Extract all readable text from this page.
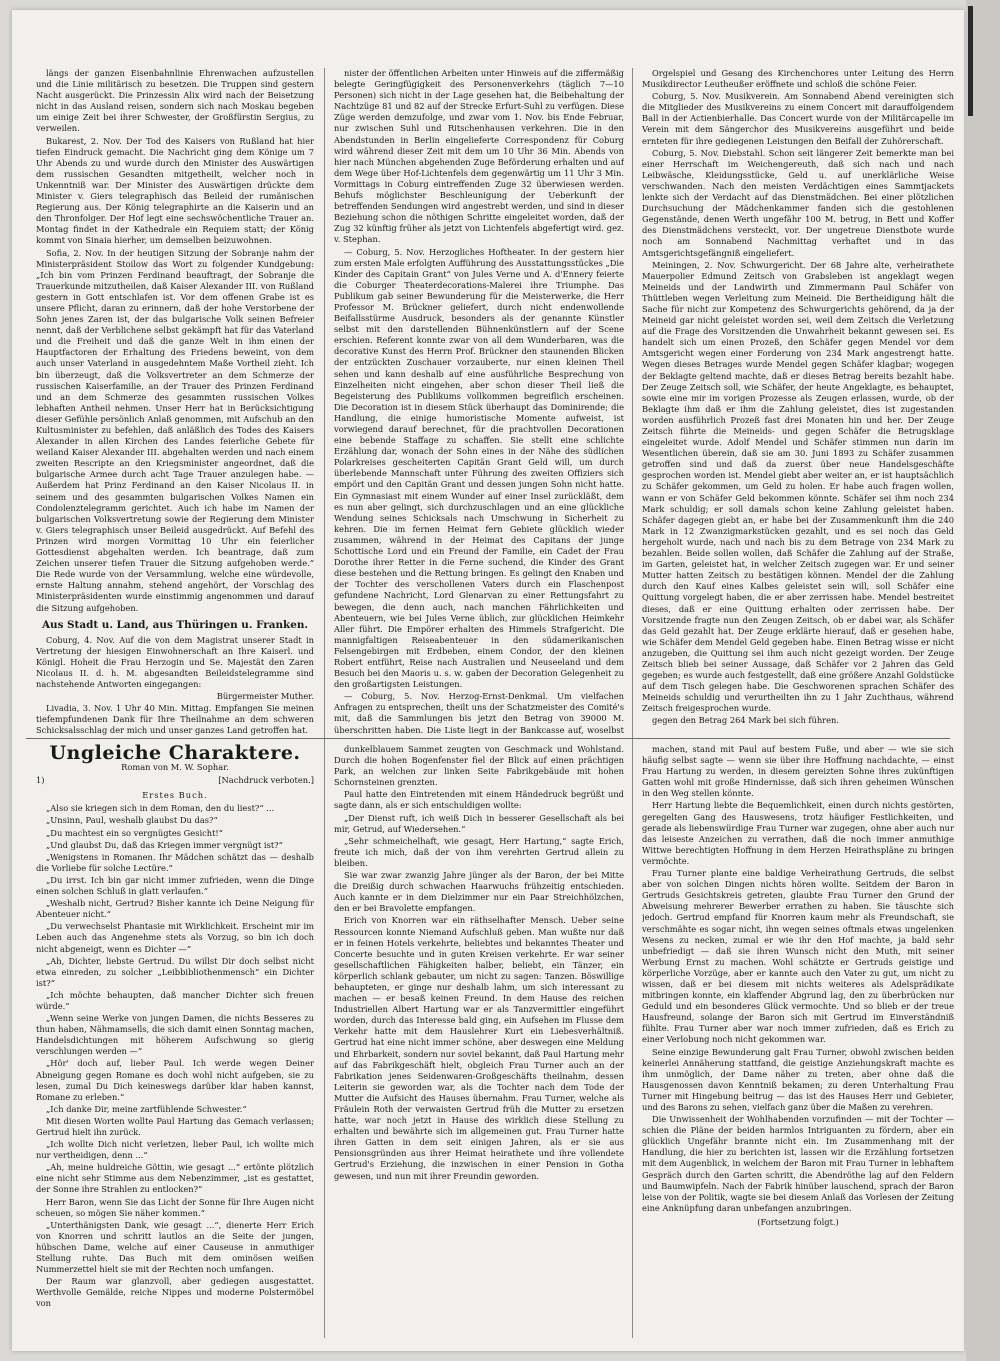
längs der ganzen Eisenbahnlinie Ehrenwachen aufzustellen und die Linie militärisch zu besetzen. Die Truppen sind gestern Nacht ausgerückt. Die Prinzessin Alix wird nach der Beisetzung nicht in das Ausland reisen, sondern sich nach Moskau begeben um einige Zeit bei ihrer Schwester, der Großfürstin Sergius, zu verweilen.

Bukarest, 2. Nov. Der Tod des Kaisers von Rußland hat hier tiefen Eindruck gemacht. Die Nachricht ging dem Könige um 7 Uhr Abends zu und wurde durch den Minister des Auswärtigen dem russischen Gesandten mitgetheilt, welcher noch in Unkenntniß war. Der Minister des Auswärtigen drückte dem Minister v. Giers telegraphisch das Beileid der rumänischen Regierung aus. Der König telegraphirte an die Kaiserin und an den Thronfolger. Der Hof legt eine sechswöchentliche Trauer an. Montag findet in der Kathedrale ein Requiem statt; der König kommt von Sinaia hierher, um demselben beizuwohnen.

Sofia, 2. Nov. In der heutigen Sitzung der Sobranje nahm der Ministerpräsident Stoilow das Wort zu folgender Kundgebung: „Ich bin vom Prinzen Ferdinand beauftragt, der Sobranje die Trauerkunde mitzutheilen, daß Kaiser Alexander III. von Rußland gestern in Gott entschlafen ist. Vor dem offenen Grabe ist es unsere Pflicht, daran zu erinnern, daß der hohe Verstorbene der Sohn jenes Zaren ist, der das bulgarische Volk seinen Befreier nennt, daß der Verblichene selbst gekämpft hat für das Vaterland und die Freiheit und daß die ganze Welt in ihm einen der Hauptfactoren der Erhaltung des Friedens beweint, von dem auch unser Vaterland in ausgedehntem Maße Vortheil zieht. Ich bin überzeugt, daß die Volksvertreter an dem Schmerze der russischen Kaiserfamilie, an der Trauer des Prinzen Ferdinand und an dem Schmerze des gesammten russischen Volkes lebhaften Antheil nehmen. Unser Herr hat in Berücksichtigung dieser Gefühle persönlich Anlaß genommen, mit Aufschub an den Kultusminister zu befehlen, daß anläßlich des Todes des Kaisers Alexander in allen Kirchen des Landes feierliche Gebete für weiland Kaiser Alexander III. abgehalten werden und nach einem zweiten Rescripte an den Kriegsminister angeordnet, daß die bulgarische Armee durch acht Tage Trauer anzulegen habe. — Außerdem hat Prinz Ferdinand an den Kaiser Nicolaus II. in seinem und des gesammten bulgarischen Volkes Namen ein Condolenztelegramm gerichtet. Auch ich habe im Namen der bulgarischen Volksvertretung sowie der Regierung dem Minister v. Giers telegraphisch unser Beileid ausgedrückt. Auf Befehl des Prinzen wird morgen Vormittag 10 Uhr ein feierlicher Gottesdienst abgehalten werden. Ich beantrage, daß zum Zeichen unserer tiefen Trauer die Sitzung aufgehoben werde.“ Die Rede wurde von der Versammlung, welche eine würdevolle, ernste Haltung annahm, stehend angehört, der Vorschlag des Ministerpräsidenten wurde einstimmig angenommen und darauf die Sitzung aufgehoben.

Aus Stadt u. Land, aus Thüringen u. Franken.

Coburg, 4. Nov. Auf die von dem Magistrat unserer Stadt in Vertretung der hiesigen Einwohnerschaft an Ihre Kaiserl. und Königl. Hoheit die Frau Herzogin und Se. Majestät den Zaren Nicolaus II. d. h. M. abgesandten Beileidstelegramme sind nachstehende Antworten eingegangen:

Bürgermeister Muther.

Livadia, 3. Nov. 1 Uhr 40 Min. Mittag. Empfangen Sie meinen tiefempfundenen Dank für Ihre Theilnahme an dem schweren Schicksalsschlag der mich und unser ganzes Land getroffen hat.

nister der öffentlichen Arbeiten unter Hinweis auf die ziffermäßig belegte Geringfügigkeit des Personenverkehrs (täglich 7—10 Personen) sich nicht in der Lage gesehen hat, die Beibehaltung der Nachtzüge 81 und 82 auf der Strecke Erfurt-Suhl zu verfügen. Diese Züge werden demzufolge, und zwar vom 1. Nov. bis Ende Februar, nur zwischen Suhl und Ritschenhausen verkehren. Die in den Abendstunden in Berlin eingelieferte Correspondenz für Coburg wird während dieser Zeit mit dem um 10 Uhr 36 Min. Abends von hier nach München abgehenden Zuge Beförderung erhalten und auf dem Wege über Hof-Lichtenfels dem gegenwärtig um 11 Uhr 3 Min. Vormittags in Coburg eintreffenden Zuge 32 überwiesen werden. Behufs möglichster Beschleunigung der Ueberkunft der betreffenden Sendungen wird angestrebt werden, und sind in dieser Beziehung schon die nöthigen Schritte eingeleitet worden, daß der Zug 32 künftig früher als jetzt von Lichtenfels abgefertigt wird. gez. v. Stephan.

— Coburg, 5. Nov. Herzogliches Hoftheater. In der gestern hier zum ersten Male erfolgten Aufführung des Ausstattungsstückes „Die Kinder des Capitain Grant“ von Jules Verne und A. d'Ennery feierte die Coburger Theaterdecorations-Malerei ihre Triumphe. Das Publikum gab seiner Bewunderung für die Meisterwerke, die Herr Professor M. Brückner geliefert, durch nicht endenwollende Beifallsstürme Ausdruck, besonders als der genannte Künstler selbst mit den darstellenden Bühnenkünstlern auf der Scene erschien. Referent konnte zwar von all dem Wunderbaren, was die decorative Kunst des Herrn Prof. Brückner den staunenden Blicken der entzückten Zuschauer vorzauberte, nur einen kleinen Theil sehen und kann deshalb auf eine ausführliche Besprechung von Einzelheiten nicht eingehen, aber schon dieser Theil ließ die Begeisterung des Publikums vollkommen begreiflich erscheinen. Die Decoration ist in diesem Stück überhaupt das Dominirende; die Handlung, die einige humoristische Momente aufweist, ist vorwiegend darauf berechnet, für die prachtvollen Decorationen eine bebende Staffage zu schaffen. Sie stellt eine schlichte Erzählung dar, wonach der Sohn eines in der Nähe des südlichen Polarkreises gescheiterten Capitän Grant Geld will, um durch überlebende Mannschaft unter Führung des zweiten Offiziers sich empört und den Capitän Grant und dessen jungen Sohn nicht hatte. Ein Gymnasiast mit einem Wunder auf einer Insel zurückläßt, dem es nun aber gelingt, sich durchzuschlagen und an eine glückliche Wendung seines Schicksals nach Umschwung in Sicherheit zu kehren. Die im fernen Heimat fern Gebiete glücklich wieder zusammen, während in der Heimat des Capitans der junge Schottische Lord und ein Freund der Familie, ein Cadet der Frau Dorothe ihrer Retter in die Ferne suchend, die Kinder des Grant diese bestehen und die Rettung bringen. Es gelingt den Knaben und der Tochter des verschollenen Vaters durch ein Flaschenpost gefundene Nachricht, Lord Glenarvan zu einer Rettungsfahrt zu bewegen, die denn auch, nach manchen Fährlichkeiten und Abenteuern, wie bei Jules Verne üblich, zur glücklichen Heimkehr Aller führt. Die Empörer erhalten des Himmels Strafgericht. Die mannigfaltigen Reiseabenteuer in den südamerikanischen Felsengebirgen mit Erdbeben, einem Condor, der den kleinen Robert entführt, Reise nach Australien und Neuseeland und dem Besuch bei den Maoris u. s. w. gaben der Decoration Gelegenheit zu den großartigsten Leistungen.

— Coburg, 5. Nov. Herzog-Ernst-Denkmal. Um vielfachen Anfragen zu entsprechen, theilt uns der Schatzmeister des Comité's mit, daß die Sammlungen bis jetzt den Betrag von 39000 M. überschritten haben. Die Liste liegt in der Bankcasse auf, woselbst

Orgelspiel und Gesang des Kirchenchores unter Leitung des Herrn Musikdirector Leutheußer eröffnete und schloß die schöne Feier.

Coburg, 5. Nov. Musikverein. Am Sonnabend Abend vereinigten sich die Mitglieder des Musikvereins zu einem Concert mit darauffolgendem Ball in der Actienbierhalle. Das Concert wurde von der Militärcapelle im Verein mit dem Sängerchor des Musikvereins ausgeführt und beide ernteten für ihre gediegenen Leistungen den Beifall der Zuhörerschaft.

Coburg, 5. Nov. Diebstahl. Schon seit längerer Zeit bemerkte man bei einer Herrschaft im Weichengereuth, daß sich nach und nach Leibwäsche, Kleidungsstücke, Geld u. auf unerklärliche Weise verschwanden. Nach den meisten Verdächtigen eines Sammtjackets lenkte sich der Verdacht auf das Dienstmädchen. Bei einer plötzlichen Durchsuchung der Mädchenkammer fanden sich die gestohlenen Gegenstände, denen Werth ungefähr 100 M. betrug, in Bett und Koffer des Dienstmädchens versteckt, vor. Der ungetreue Dienstbote wurde noch am Sonnabend Nachmittag verhaftet und in das Amtsgerichtsgefängniß eingeliefert.

Meiningen, 2. Nov. Schwurgericht. Der 68 Jahre alte, verheirathete Mauerpolier Edmund Zeitsch von Grabsleben ist angeklagt wegen Meineids und der Landwirth und Zimmermann Paul Schäfer von Thüttleben wegen Verleitung zum Meineid. Die Bertheidigung hält die Sache für nicht zur Kompetenz des Schwurgerichts gehörend, da ja der Meineid gar nicht geleistet worden sei, weil dem Zeitsch die Verletzung auf die Frage des Vorsitzenden die Unwahrheit bekannt gewesen sei. Es handelt sich um einen Prozeß, den Schäfer gegen Mendel vor dem Amtsgericht wegen einer Forderung von 234 Mark angestrengt hatte. Wegen dieses Betrages wurde Mendel gegen Schäfer klagbar; wogegen der Beklagte geltend machte, daß er dieses Betrag bereits bezahlt habe. Der Zeuge Zeitsch soll, wie Schäfer, der heute Angeklagte, es behauptet, sowie eine mir im vorigen Prozesse als Zeugen erlassen, wurde, ob der Beklagte ihm daß er ihm die Zahlung geleistet, dies ist zugestanden worden ausführlich Prozeß fast drei Monaten hin und her. Der Zeuge Zeitsch führte die Meineids- und gegen Schäfer die Betrugsklage eingeleitet wurde. Adolf Mendel und Schäfer stimmen nun darin im Wesentlichen überein, daß sie am 30. Juni 1893 zu Schäfer zusammen getroffen sind und daß da zuerst über neue Handelsgeschäfte gesprochen worden ist. Mendel giebt aber weiter an, er ist hauptsächlich zu Schäfer gekommen, um Geld zu holen. Er habe auch fragen wollen, wann er von Schäfer Geld bekommen könnte. Schäfer sei ihm noch 234 Mark schuldig; er soll damals schon keine Zahlung geleistet haben. Schäfer dagegen giebt an, er habe bei der Zusammenkunft ihm die 240 Mark in 12 Zwanzigmarkstücken gezahlt, und es sei noch das Geld hergeholt wurde, nach und nach bis zu dem Betrage von 234 Mark zu bezahlen. Beide sollen wollen, daß Schäfer die Zahlung auf der Straße, im Garten, geleistet hat, in welcher Zeitsch zugegen war. Er und seiner Mutter hatten Zeitsch zu bestätigen können. Mendel der die Zahlung durch den Kauf eines Kalbes geleistet sein will, soll Schäfer eine Quittung vorgelegt haben, die er aber zerrissen habe. Mendel bestreitet dieses, daß er eine Quittung erhalten oder zerrissen habe. Der Vorsitzende fragte nun den Zeugen Zeitsch, ob er dabei war, als Schäfer das Geld gezahlt hat. Der Zeuge erklärte hierauf, daß er gesehen habe, wie Schäfer dem Mendel Geld gegeben habe. Einen Betrag wisse er nicht anzugeben, die Quittung sei ihm auch nicht gezeigt worden. Der Zeuge Zeitsch blieb bei seiner Aussage, daß Schäfer vor 2 Jahren das Geld gegeben; es wurde auch festgestellt, daß eine größere Anzahl Goldstücke auf dem Tisch gelegen habe. Die Geschworenen sprachen Schäfer des Meineids schuldig und verurtheilten ihn zu 1 Jahr Zuchthaus, während Zeitsch freigesprochen wurde.

gegen den Betrag 264 Mark bei sich führen.

Ungleiche Charaktere.
Roman von M. W. Sophar.
1)	[Nachdruck verboten.]
Erstes Buch.

„Also sie kriegen sich in dem Roman, den du liest?“ ...

„Unsinn, Paul, weshalb glaubst Du das?“

„Du machtest ein so vergnügtes Gesicht!“

„Und glaubst Du, daß das Kriegen immer vergnügt ist?“

„Wenigstens in Romanen. Ihr Mädchen schätzt das — deshalb die Vorliebe für solche Lectüre.“

„Du irrst. Ich bin gar nicht immer zufrieden, wenn die Dinge einen solchen Schluß in glatt verlaufen.“

„Weshalb nicht, Gertrud? Bisher kannte ich Deine Neigung für Abenteuer nicht.“

„Du verwechselst Phantasie mit Wirklichkeit. Erscheint mir im Leben auch das Angenehme stets als Vorzug, so bin ich doch nicht abgeneigt, wenn es Dichter —“

„Ah, Dichter, liebste Gertrud. Du willst Dir doch selbst nicht etwa einreden, zu solcher „Leibbibliothenmensch“ ein Dichter ist?“

„Ich möchte behaupten, daß mancher Dichter sich freuen würde.“

„Wenn seine Werke von jungen Damen, die nichts Besseres zu thun haben, Nähmamsells, die sich damit einen Sonntag machen, Handelsdichtungen mit höherem Aufschwung so gierig verschlungen werden —“

„Hör' doch auf, lieber Paul. Ich werde wegen Deiner Abneigung gegen Romane es doch wohl nicht aufgeben, sie zu lesen, zumal Du Dich keineswegs darüber klar haben kannst, Romane zu erleben.“

„Ich danke Dir, meine zartfühlende Schwester.“

Mit diesen Worten wollte Paul Hartung das Gemach verlassen; Gertrud hielt ihn zurück.

„Ich wollte Dich nicht verletzen, lieber Paul, ich wollte mich nur vertheidigen, denn ...“

„Ah, meine huldreiche Göttin, wie gesagt ...“ ertönte plötzlich eine nicht sehr Stimme aus dem Nebenzimmer, „ist es gestattet, der Sonne ihre Strahlen zu entlocken?“

Herr Baron, wenn Sie das Licht der Sonne für Ihre Augen nicht scheuen, so mögen Sie näher kommen.“

„Unterthänigsten Dank, wie gesagt ...“, dienerte Herr Erich von Knorren und schritt lautlos an die Seite der jungen, hübschen Dame, welche auf einer Causeuse in anmuthiger Stellung ruhte. Das Buch mit dem ominösen weißen Nummerzettel hielt sie mit der Rechten noch umfangen.

Der Raum war glanzvoll, aber gediegen ausgestattet. Werthvolle Gemälde, reiche Nippes und moderne Polstermöbel von

dunkelblauem Sammet zeugten von Geschmack und Wohlstand. Durch die hohen Bogenfenster fiel der Blick auf einen prächtigen Park, an welchen zur linken Seite Fabrikgebäude mit hohen Schornsteinen grenzten.

Paul hatte den Eintretenden mit einem Händedruck begrüßt und sagte dann, als er sich entschuldigen wollte:

„Der Dienst ruft, ich weiß Dich in besserer Gesellschaft als bei mir, Getrud, auf Wiedersehen.“

„Sehr schmeichelhaft, wie gesagt, Herr Hartung,“ sagte Erich, freute ich mich, daß der von ihm verehrten Gertrud allein zu bleiben.

Sie war zwar zwanzig Jahre jünger als der Baron, der bei Mitte die Dreißig durch schwachen Haarwuchs frühzeitig entschieden. Auch kannte er in dem Dielzimmer nur ein Paar Streichhölzchen, den er bei Bravolette empfangen.

Erich von Knorren war ein räthselhafter Mensch. Ueber seine Ressourcen konnte Niemand Aufschluß geben. Man wußte nur daß er in feinen Hotels verkehrte, beliebtes und bekanntes Theater und Concerte besuchte und in guten Kreisen verkehrte. Er war seiner gesellschaftlichen Fähigkeiten halber, beliebt, ein Tänzer, ein körperlich schlank gebauter, um nicht zu sagen: Tanzen. Böswillige behaupteten, er ginge nur deshalb lahm, um sich interessant zu machen — er besaß keinen Freund. In dem Hause des reichen Industriellen Albert Hartung war er als Tanzvermittler eingeführt worden, durch das Interesse bald ging, ein Aufsehen im Flusse dem Verkehr hatte mit dem Hauslehrer Kurt ein Liebesverhältniß. Gertrud hat eine nicht immer schöne, aber deswegen eine Meldung und Ehrbarkeit, sondern nur soviel bekannt, daß Paul Hartung mehr auf das Fabrikgeschäft hielt, obgleich Frau Turner auch an der Fabrikation jenes Seidenwaren-Großgeschäfts theilnahm, dessen Leiterin sie geworden war, als die Tochter nach dem Tode der Mutter die Aufsicht des Hauses übernahm. Frau Turner, welche als Fräulein Roth der verwaisten Gertrud früh die Mutter zu ersetzen hatte, war noch jetzt in Hause des wirklich diese Stellung zu erhalten und bewährte sich im allgemeinen gut. Frau Turner hatte ihren Gatten in dem seit einigen Jahren, als er sie aus Pensionsgründen aus ihrer Heimat heirathete und ihre vollendete Gertrud's Erziehung, die inzwischen in einer Pension in Gotha gewesen, und nun mit ihrer Freundin geworden.

machen, stand mit Paul auf bestem Fuße, und aber — wie sie sich häufig selbst sagte — wenn sie über ihre Hoffnung nachdachte, — einst Frau Hartung zu werden, in diesem gereizten Sohne ihres zukünftigen Gatten wohl mit große Hindernisse, daß sich ihren geheimen Wünschen in den Weg stellen könnte.

Herr Hartung liebte die Bequemlichkeit, einen durch nichts gestörten, geregelten Gang des Hauswesens, trotz häufiger Festlichkeiten, und gerade als liebenswürdige Frau Turner war zugegen, ohne aber auch nur das leiseste Anzeichen zu verrathen, daß die noch immer anmuthige Wittwe berechtigten Hoffnung in dem Herzen Heirathspläne zu bringen vermöchte.

Frau Turner plante eine baldige Verheirathung Gertruds, die selbst aber von solchen Dingen nichts hören wollte. Seitdem der Baron in Gertruds Gesichtskreis getreten, glaubte Frau Turner den Grund der Abweisung mehrerer Bewerber errathen zu haben. Sie täuschte sich jedoch. Gertrud empfand für Knorren kaum mehr als Freundschaft, sie verschmähte es sogar nicht, ihn wegen seines oftmals etwas ungelenken Wesens zu necken, zumal er wie ihr den Hof machte, ja bald sehr unbefriedigt — daß sie ihren Wunsch nicht den Muth, mit seiner Werbung Ernst zu machen. Wohl schätzte er Gertruds geistige und körperliche Vorzüge, aber er kannte auch den Vater zu gut, um nicht zu wissen, daß er bei diesem mit nichts weiteres als Adelsprädikate mitbringen konnte, ein klaffender Abgrund lag, den zu überbrücken nur Geduld und ein besonderes Glück vermochte. Und so blieb er der treue Hausfreund, solange der Baron sich mit Gertrud im Einverständniß fühlte. Frau Turner aber war noch immer zufrieden, daß es Erich zu einer Verlobung noch nicht gekommen war.

Seine einzige Bewunderung galt Frau Turner, obwohl zwischen beiden keinerlei Annäherung stattfand, die geistige Anziehungskraft machte es ihm unmöglich, der Dame näher zu treten, aber ohne daß die Hausgenossen davon Kenntniß bekamen; zu deren Unterhaltung Frau Turner mit Hingebung beitrug — das ist des Hauses Herr und Gebieter, und des Barons zu sehen, vielfach ganz über die Maßen zu verehren.

Die Unwissenheit der Wohlhabenden vorzufinden — mit der Tochter — schien die Pläne der beiden harmlos Intriguanten zu fördern, aber ein glücklich Ungefähr brannte nicht ein. Im Zusammenhang mit der Handlung, die hier zu berichten ist, lassen wir die Erzählung fortsetzen mit dem Augenblick, in welchem der Baron mit Frau Turner in lebhaftem Gespräch durch den Garten schritt, die Abendröthe lag auf den Feldern und Baumwipfeln. Nach der Fabrik hinüber lauschend, sprach der Baron leise von der Politik, wagte sie bei diesem Anlaß das Vorlesen der Zeitung eine Anknüpfung daran unbefangen anzubringen.

(Fortsetzung folgt.)
